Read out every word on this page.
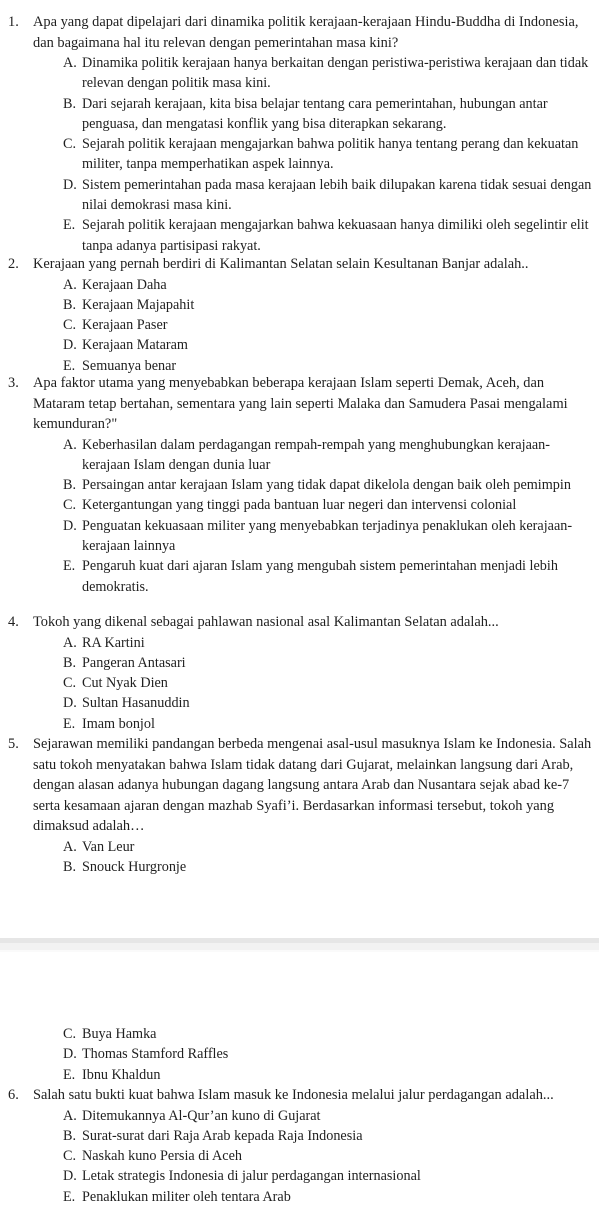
1. Apa yang dapat dipelajari dari dinamika politik kerajaan-kerajaan Hindu-Buddha di Indonesia, dan bagaimana hal itu relevan dengan pemerintahan masa kini?
A. Dinamika politik kerajaan hanya berkaitan dengan peristiwa-peristiwa kerajaan dan tidak relevan dengan politik masa kini.
B. Dari sejarah kerajaan, kita bisa belajar tentang cara pemerintahan, hubungan antar penguasa, dan mengatasi konflik yang bisa diterapkan sekarang.
C. Sejarah politik kerajaan mengajarkan bahwa politik hanya tentang perang dan kekuatan militer, tanpa memperhatikan aspek lainnya.
D. Sistem pemerintahan pada masa kerajaan lebih baik dilupakan karena tidak sesuai dengan nilai demokrasi masa kini.
E. Sejarah politik kerajaan mengajarkan bahwa kekuasaan hanya dimiliki oleh segelintir elit tanpa adanya partisipasi rakyat.
2. Kerajaan yang pernah berdiri di Kalimantan Selatan selain Kesultanan Banjar adalah..
A. Kerajaan Daha
B. Kerajaan Majapahit
C. Kerajaan Paser
D. Kerajaan Mataram
E. Semuanya benar
3. Apa faktor utama yang menyebabkan beberapa kerajaan Islam seperti Demak, Aceh, dan Mataram tetap bertahan, sementara yang lain seperti Malaka dan Samudera Pasai mengalami kemunduran?"
A. Keberhasilan dalam perdagangan rempah-rempah yang menghubungkan kerajaan-kerajaan Islam dengan dunia luar
B. Persaingan antar kerajaan Islam yang tidak dapat dikelola dengan baik oleh pemimpin
C. Ketergantungan yang tinggi pada bantuan luar negeri dan intervensi colonial
D. Penguatan kekuasaan militer yang menyebabkan terjadinya penaklukan oleh kerajaan-kerajaan lainnya
E. Pengaruh kuat dari ajaran Islam yang mengubah sistem pemerintahan menjadi lebih demokratis.
4. Tokoh yang dikenal sebagai pahlawan nasional asal Kalimantan Selatan adalah...
A. RA Kartini
B. Pangeran Antasari
C. Cut Nyak Dien
D. Sultan Hasanuddin
E. Imam bonjol
5. Sejarawan memiliki pandangan berbeda mengenai asal-usul masuknya Islam ke Indonesia. Salah satu tokoh menyatakan bahwa Islam tidak datang dari Gujarat, melainkan langsung dari Arab, dengan alasan adanya hubungan dagang langsung antara Arab dan Nusantara sejak abad ke-7 serta kesamaan ajaran dengan mazhab Syafi’i. Berdasarkan informasi tersebut, tokoh yang dimaksud adalah…
A. Van Leur
B. Snouck Hurgronje
C. Buya Hamka
D. Thomas Stamford Raffles
E. Ibnu Khaldun
6. Salah satu bukti kuat bahwa Islam masuk ke Indonesia melalui jalur perdagangan adalah...
A. Ditemukannya Al-Qur’an kuno di Gujarat
B. Surat-surat dari Raja Arab kepada Raja Indonesia
C. Naskah kuno Persia di Aceh
D. Letak strategis Indonesia di jalur perdagangan internasional
E. Penaklukan militer oleh tentara Arab
